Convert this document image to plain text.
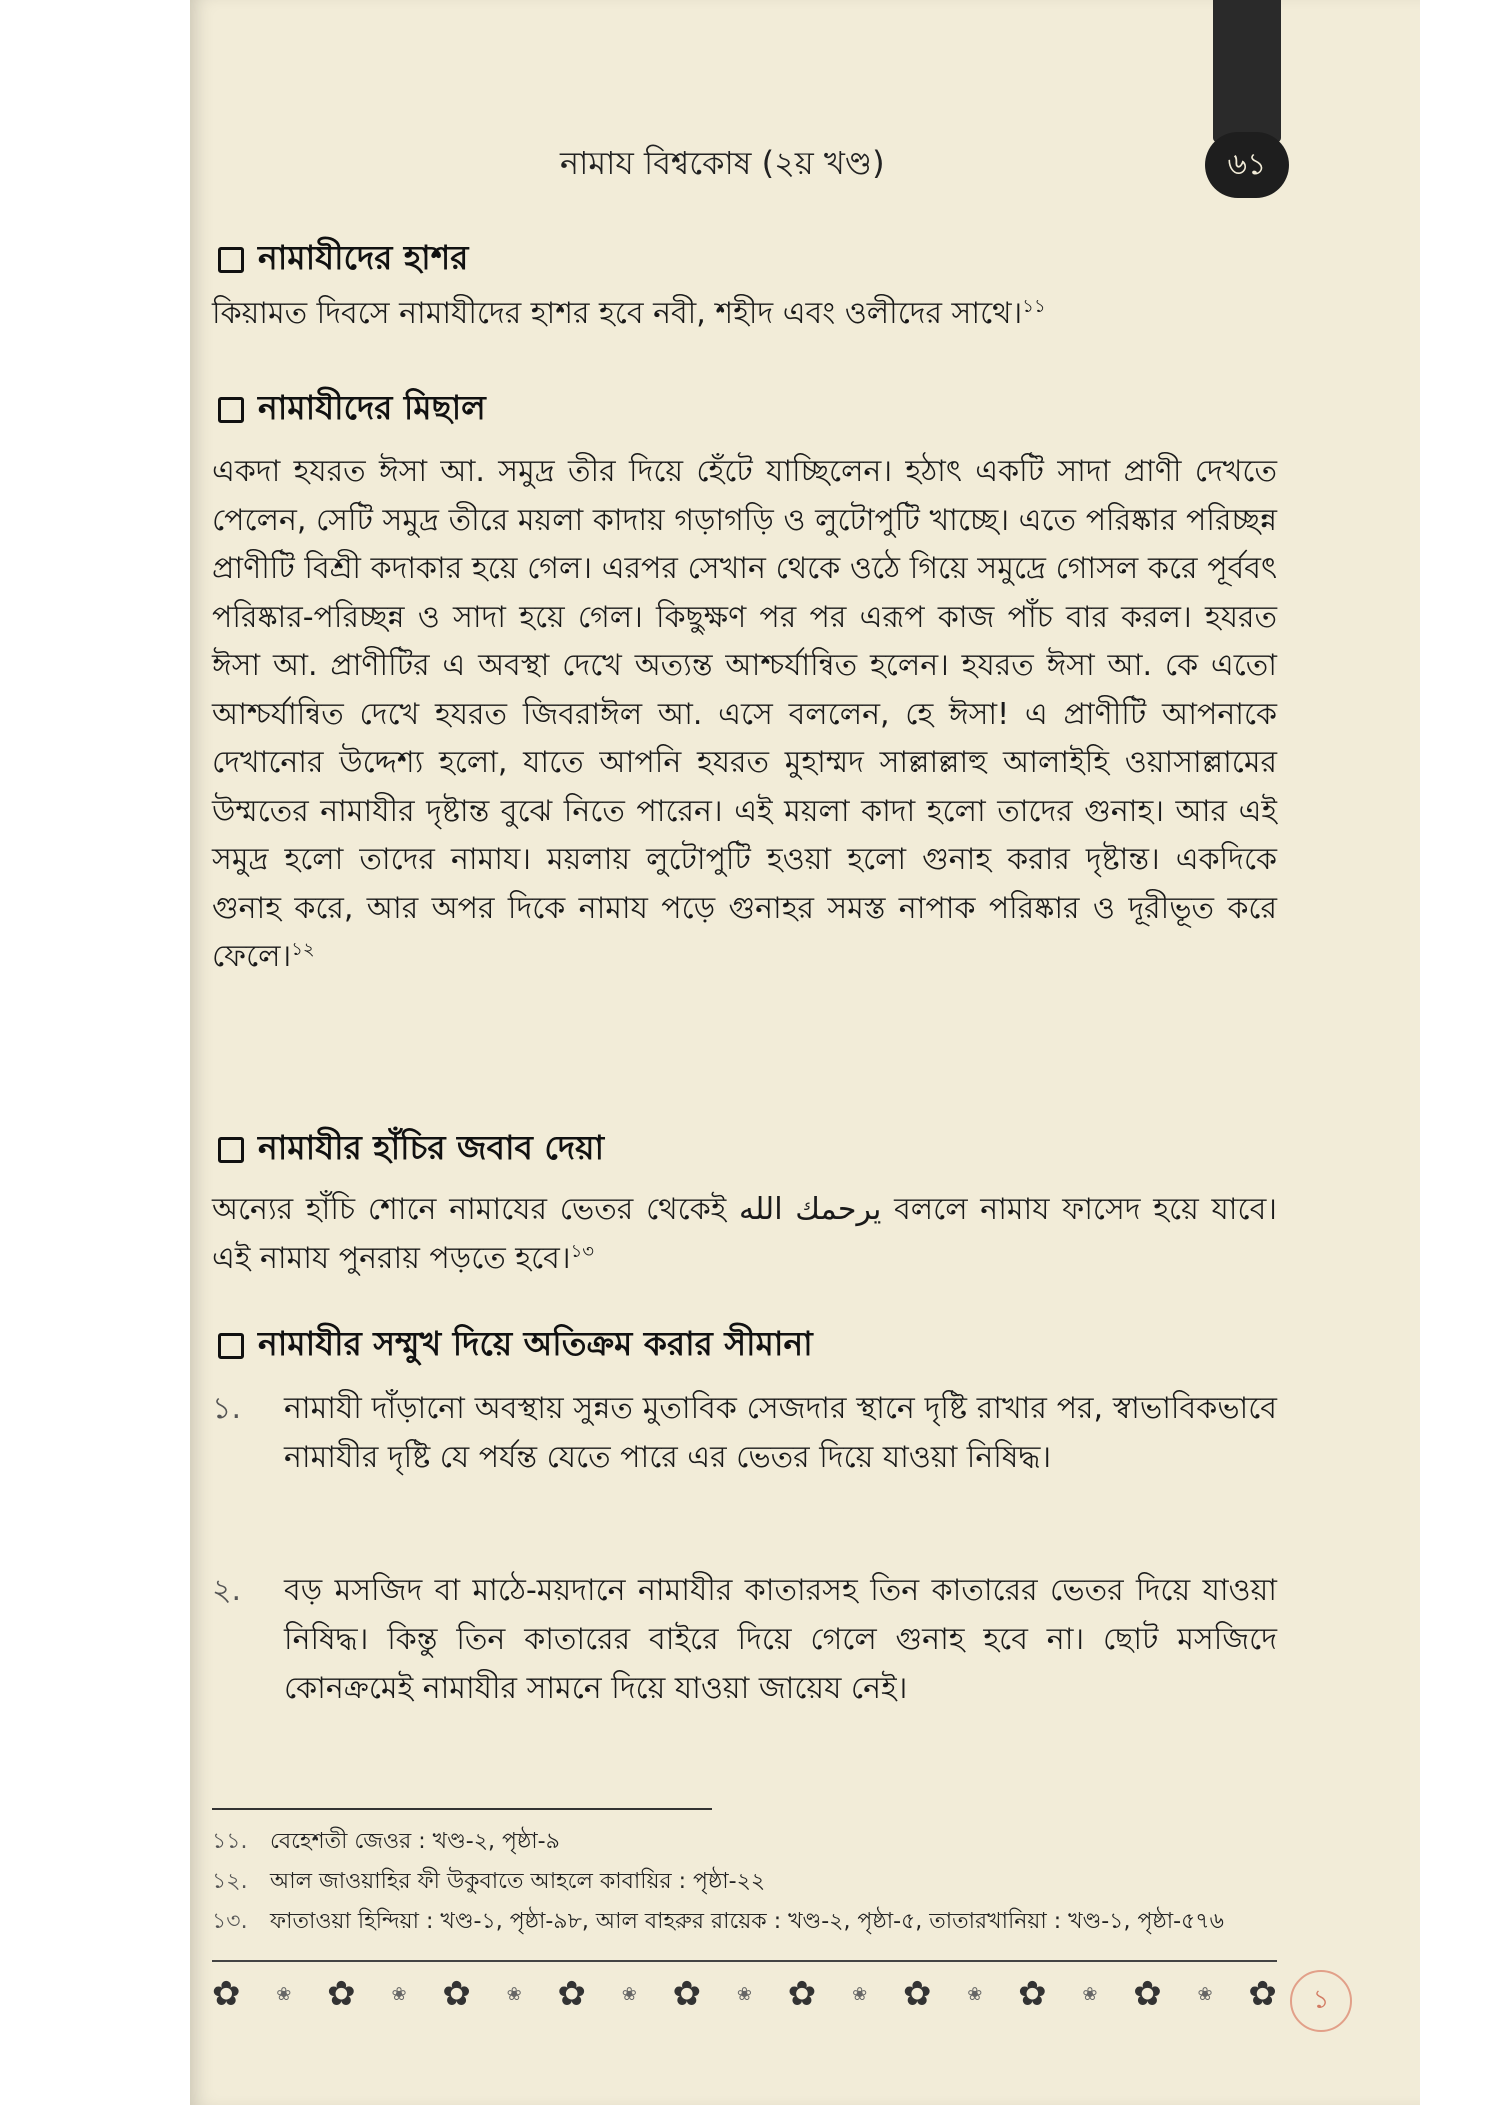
নামায বিশ্বকোষ (২য় খণ্ড)	৬১
নামাযীদের হাশর
কিয়ামত দিবসে নামাযীদের হাশর হবে নবী, শহীদ এবং ওলীদের সাথে।$^{১১}$
নামাযীদের মিছাল
একদা হযরত ঈসা আ. সমুদ্র তীর দিয়ে হেঁটে যাচ্ছিলেন। হঠাৎ একটি সাদা প্রাণী দেখতে পেলেন, সেটি সমুদ্র তীরে ময়লা কাদায় গড়াগড়ি ও লুটোপুটি খাচ্ছে। এতে পরিষ্কার পরিচ্ছন্ন প্রাণীটি বিশ্রী কদাকার হয়ে গেল। এরপর সেখান থেকে ওঠে গিয়ে সমুদ্রে গোসল করে পূর্ববৎ পরিষ্কার-পরিচ্ছন্ন ও সাদা হয়ে গেল। কিছুক্ষণ পর পর এরূপ কাজ পাঁচ বার করল। হযরত ঈসা আ. প্রাণীটির এ অবস্থা দেখে অত্যন্ত আশ্চর্যান্বিত হলেন। হযরত ঈসা আ. কে এতো আশ্চর্যান্বিত দেখে হযরত জিবরাঈল আ. এসে বললেন, হে ঈসা! এ প্রাণীটি আপনাকে দেখানোর উদ্দেশ্য হলো, যাতে আপনি হযরত মুহাম্মদ সাল্লাল্লাহু আলাইহি ওয়াসাল্লামের উম্মতের নামাযীর দৃষ্টান্ত বুঝে নিতে পারেন। এই ময়লা কাদা হলো তাদের গুনাহ। আর এই সমুদ্র হলো তাদের নামায। ময়লায় লুটোপুটি হওয়া হলো গুনাহ করার দৃষ্টান্ত। একদিকে গুনাহ করে, আর অপর দিকে নামায পড়ে গুনাহর সমস্ত নাপাক পরিষ্কার ও দূরীভূত করে ফেলে।$^{১২}$
নামাযীর হাঁচির জবাব দেয়া
অন্যের হাঁচি শোনে নামাযের ভেতর থেকেই يرحمك الله বললে নামায ফাসেদ হয়ে যাবে। এই নামায পুনরায় পড়তে হবে।$^{১৩}$
নামাযীর সম্মুখ দিয়ে অতিক্রম করার সীমানা
১.	নামাযী দাঁড়ানো অবস্থায় সুন্নত মুতাবিক সেজদার স্থানে দৃষ্টি রাখার পর, স্বাভাবিকভাবে নামাযীর দৃষ্টি যে পর্যন্ত যেতে পারে এর ভেতর দিয়ে যাওয়া নিষিদ্ধ।
২.	বড় মসজিদ বা মাঠে-ময়দানে নামাযীর কাতারসহ তিন কাতারের ভেতর দিয়ে যাওয়া নিষিদ্ধ। কিন্তু তিন কাতারের বাইরে দিয়ে গেলে গুনাহ হবে না। ছোট মসজিদে কোনক্রমেই নামাযীর সামনে দিয়ে যাওয়া জায়েয নেই।
১১.	বেহেশতী জেওর : খণ্ড-২, পৃষ্ঠা-৯
১২.	আল জাওয়াহির ফী উকুবাতে আহলে কাবায়ির : পৃষ্ঠা-২২
১৩.	ফাতাওয়া হিন্দিয়া : খণ্ড-১, পৃষ্ঠা-৯৮, আল বাহরুর রায়েক : খণ্ড-২, পৃষ্ঠা-৫, তাতারখানিয়া : খণ্ড-১, পৃষ্ঠা-৫৭৬
✿ ❀ ✿ ❀ ✿ ❀ ✿ ❀ ✿ ❀ ✿ ❀ ✿ ❀ ✿ ❀ ✿ ❀ ✿	১
